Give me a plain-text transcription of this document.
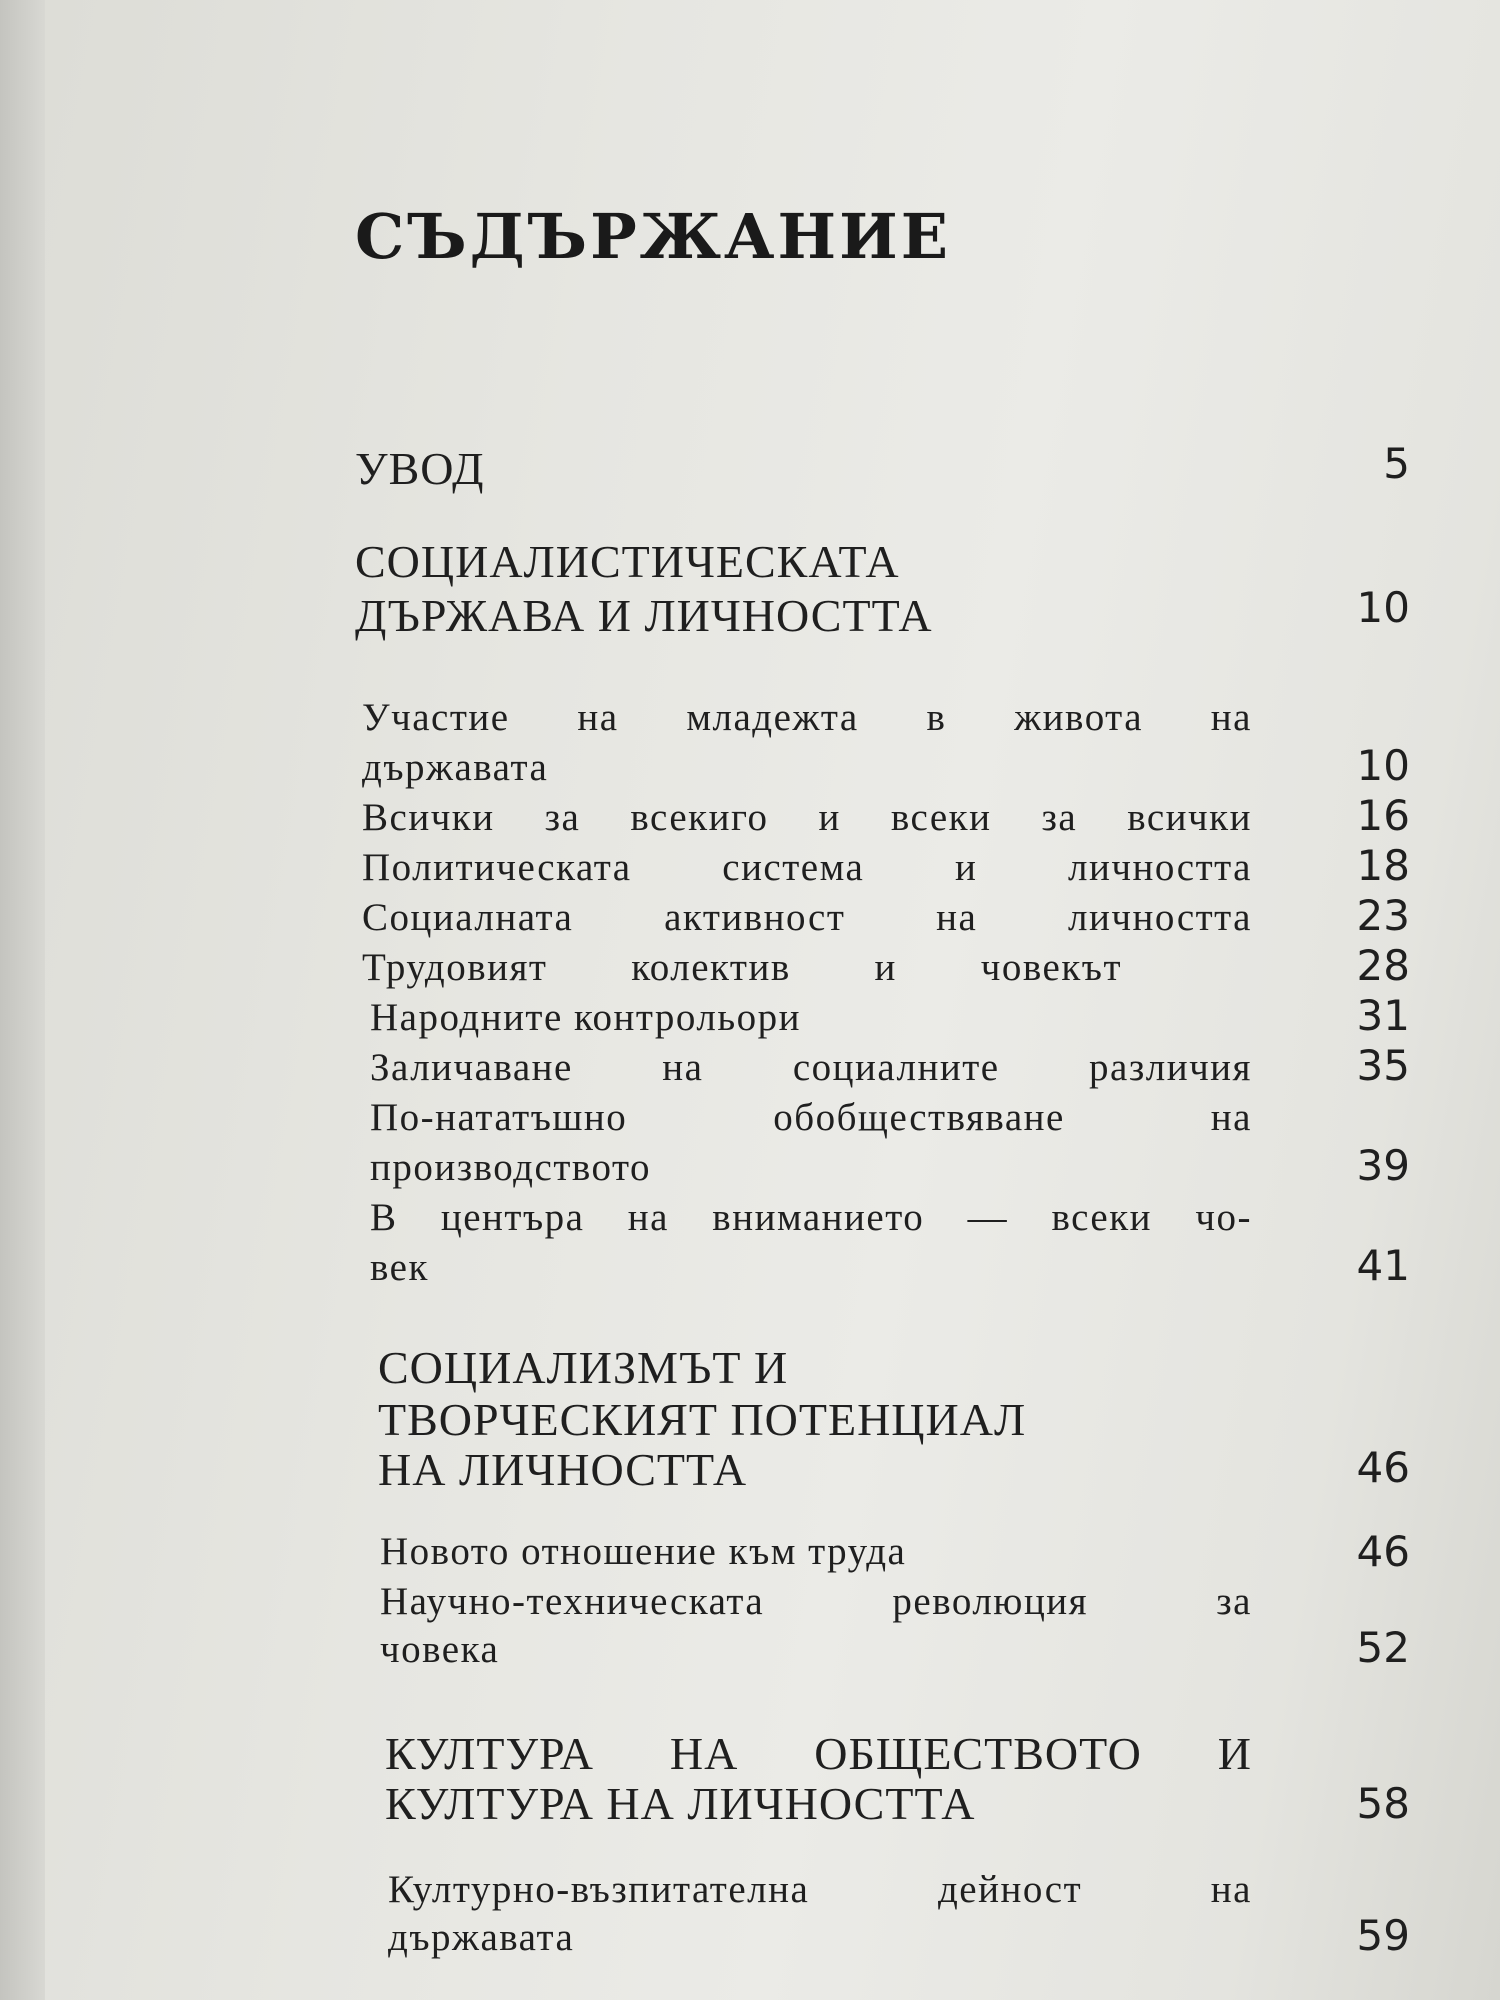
СЪДЪРЖАНИЕ
УВОД	5
СОЦИАЛИСТИЧЕСКАТА
ДЪРЖАВА И ЛИЧНОСТТА	10
Участие на младежта в живота на
държавата	10
Всички за всекиго и всеки за всички 16
Политическата система и личността 18
Социалната активност на личността 23
Трудовият колектив и човекът	28
Народните контрольори	31
Заличаване на социалните различия 35
По-нататъшно обобществяване на
производството	39
В центъра на вниманието — всеки чо-
век	41
СОЦИАЛИЗМЪТ И
ТВОРЧЕСКИЯТ ПОТЕНЦИАЛ
НА ЛИЧНОСТТА	46
Новото отношение към труда	46
Научно-техническата революция за
човека	52
КУЛТУРА НА ОБЩЕСТВОТО И
КУЛТУРА НА ЛИЧНОСТТА	58
Културно-възпитателна дейност на
държавата	59
